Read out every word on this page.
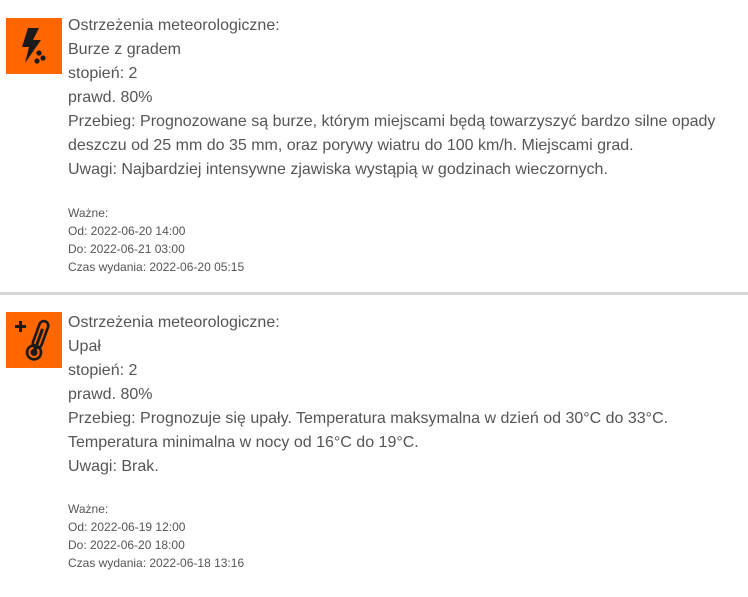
Ostrzeżenia meteorologiczne:
Burze z gradem
stopień: 2
prawd. 80%
Przebieg: Prognozowane są burze, którym miejscami będą towarzyszyć bardzo silne opady deszczu od 25 mm do 35 mm, oraz porywy wiatru do 100 km/h. Miejscami grad.
Uwagi: Najbardziej intensywne zjawiska wystąpią w godzinach wieczornych.
Ważne:
Od: 2022-06-20 14:00
Do: 2022-06-21 03:00
Czas wydania: 2022-06-20 05:15
Ostrzeżenia meteorologiczne:
Upał
stopień: 2
prawd. 80%
Przebieg: Prognozuje się upały. Temperatura maksymalna w dzień od 30°C do 33°C. Temperatura minimalna w nocy od 16°C do 19°C.
Uwagi: Brak.
Ważne:
Od: 2022-06-19 12:00
Do: 2022-06-20 18:00
Czas wydania: 2022-06-18 13:16
